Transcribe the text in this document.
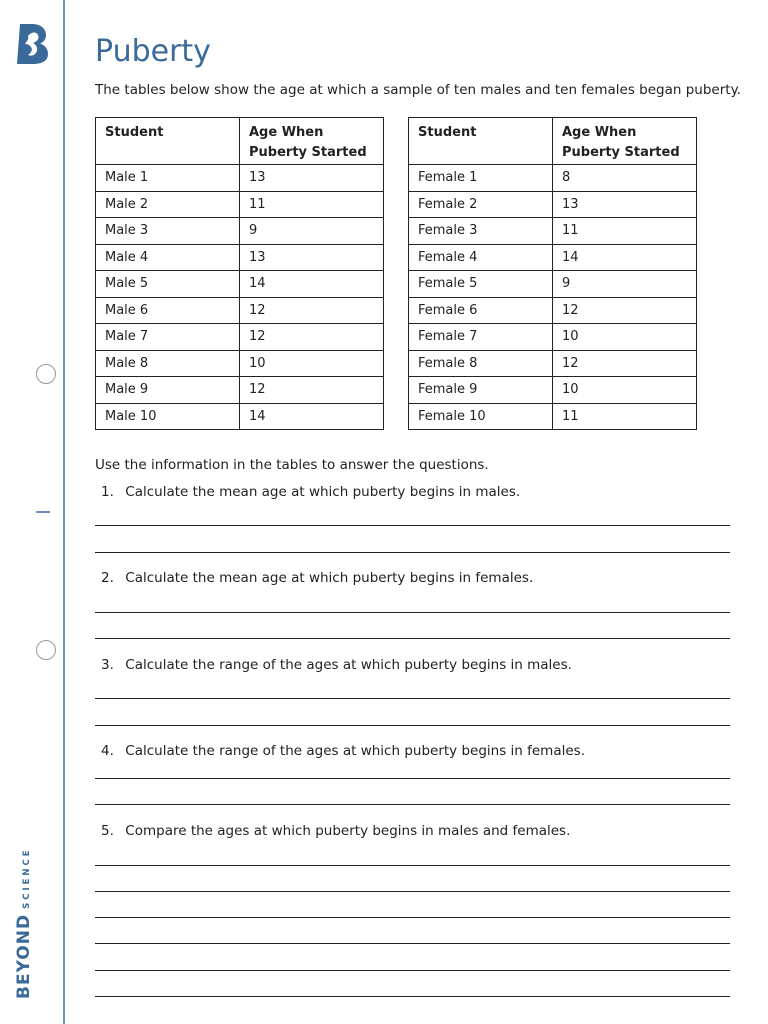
BEYONDSCIENCE
Puberty
The tables below show the age at which a sample of ten males and ten females began puberty.
Student	Age When Puberty Started
Male 1	13
Male 2	11
Male 3	9
Male 4	13
Male 5	14
Male 6	12
Male 7	12
Male 8	10
Male 9	12
Male 10	14
Student	Age When Puberty Started
Female 1	8
Female 2	13
Female 3	11
Female 4	14
Female 5	9
Female 6	12
Female 7	10
Female 8	12
Female 9	10
Female 10	11
Use the information in the tables to answer the questions.
1. Calculate the mean age at which puberty begins in males.
2. Calculate the mean age at which puberty begins in females.
3. Calculate the range of the ages at which puberty begins in males.
4. Calculate the range of the ages at which puberty begins in females.
5. Compare the ages at which puberty begins in males and females.
